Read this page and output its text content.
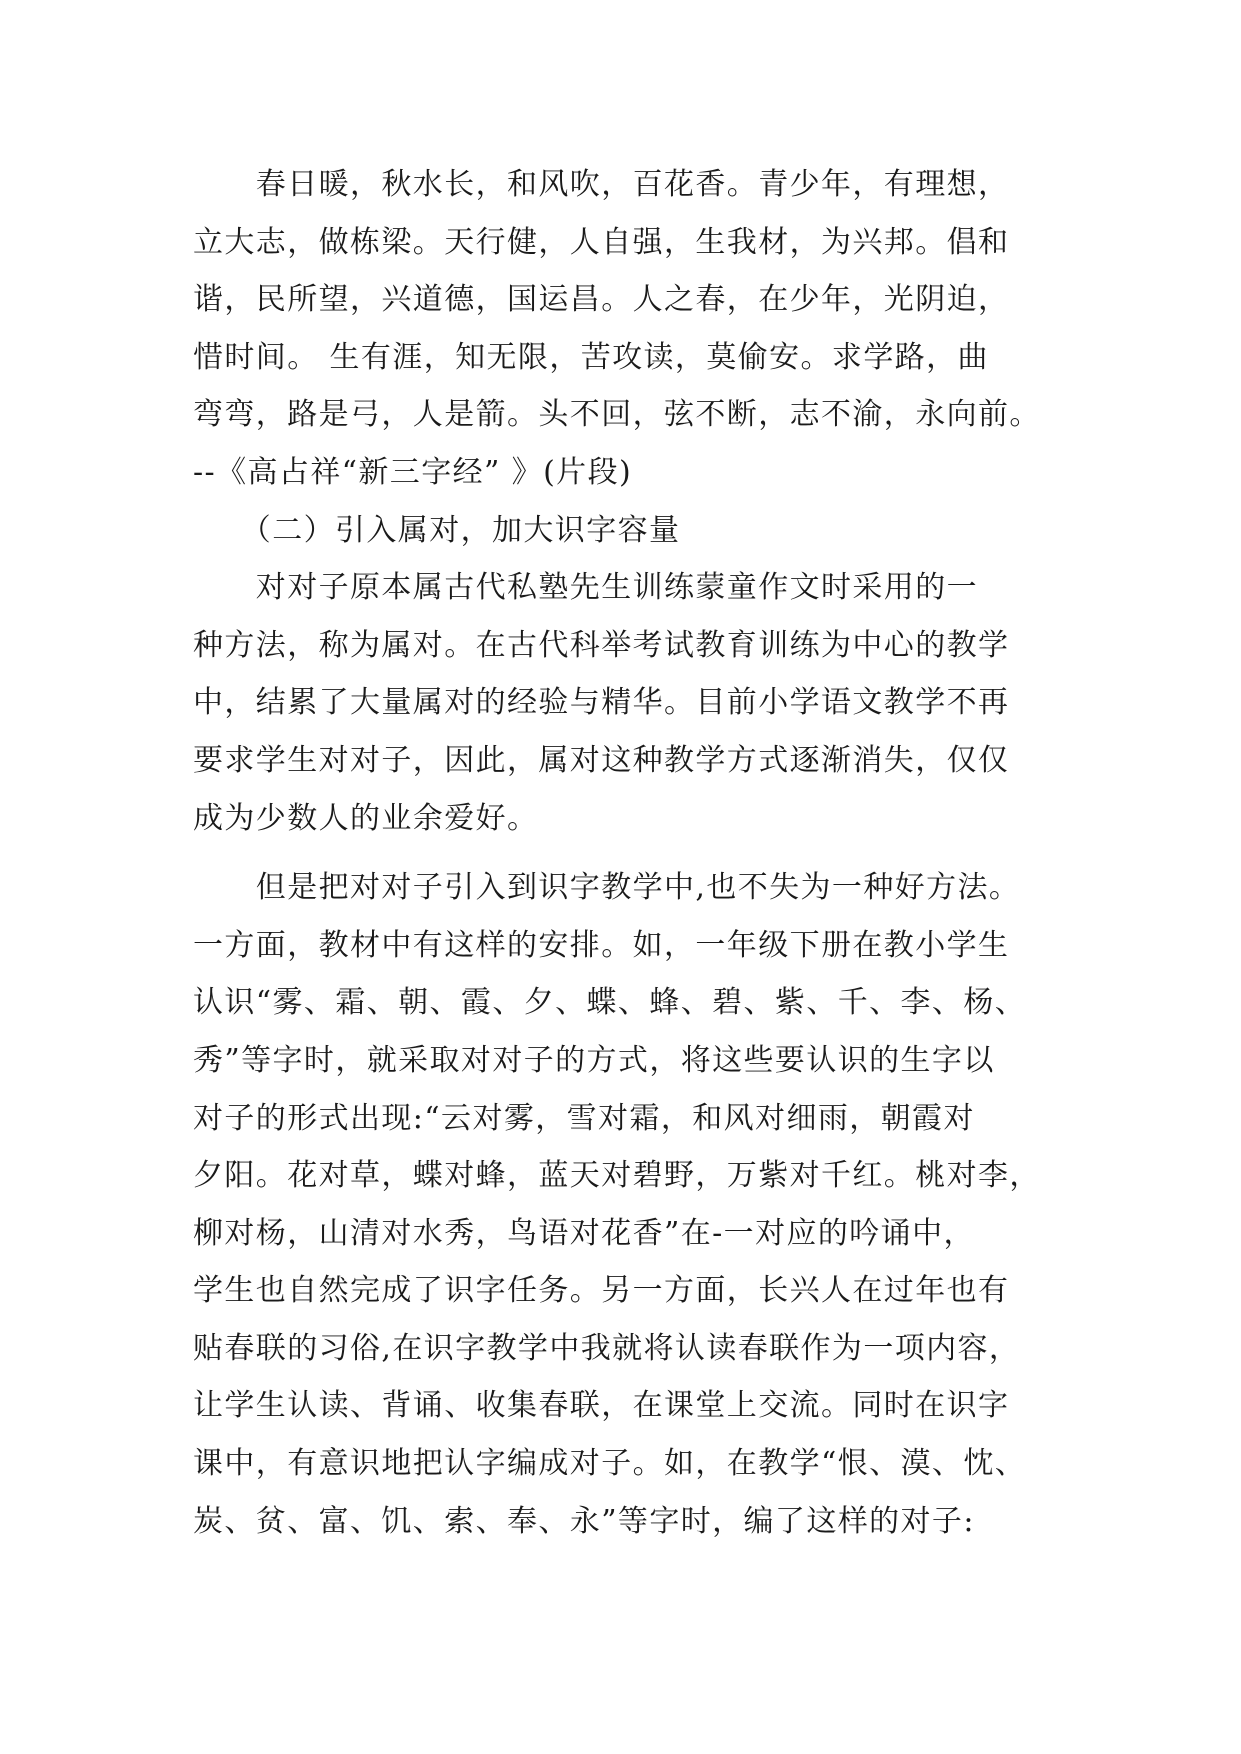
　　春日暖，秋水长，和风吹，百花香。青少年，有理想，
立大志，做栋梁。天行健，人自强，生我材，为兴邦。倡和
谐，民所望，兴道德，国运昌。人之春，在少年，光阴迫，
惜时间。 生有涯，知无限，苦攻读，莫偷安。求学路，曲
弯弯，路是弓，人是箭。头不回，弦不断，志不渝，永向前。
--《高占祥“新三字经” 》(片段)
　　（二）引入属对，加大识字容量
　　对对子原本属古代私塾先生训练蒙童作文时采用的一
种方法，称为属对。在古代科举考试教育训练为中心的教学
中，结累了大量属对的经验与精华。目前小学语文教学不再
要求学生对对子，因此，属对这种教学方式逐渐消失，仅仅
成为少数人的业余爱好。
　　但是把对对子引入到识字教学中,也不失为一种好方法。
一方面，教材中有这样的安排。如，一年级下册在教小学生
认识“雾、霜、朝、霞、夕、蝶、蜂、碧、紫、千、李、杨、
秀”等字时，就采取对对子的方式，将这些要认识的生字以
对子的形式出现:“云对雾，雪对霜，和风对细雨，朝霞对
夕阳。花对草，蝶对蜂，蓝天对碧野，万紫对千红。桃对李，
柳对杨，山清对水秀，鸟语对花香”在-一对应的吟诵中，
学生也自然完成了识字任务。另一方面，长兴人在过年也有
贴春联的习俗,在识字教学中我就将认读春联作为一项内容，
让学生认读、背诵、收集春联，在课堂上交流。同时在识字
课中，有意识地把认字编成对子。如，在教学“恨、漠、忱、
炭、贫、富、饥、索、奉、永”等字时，编了这样的对子:
